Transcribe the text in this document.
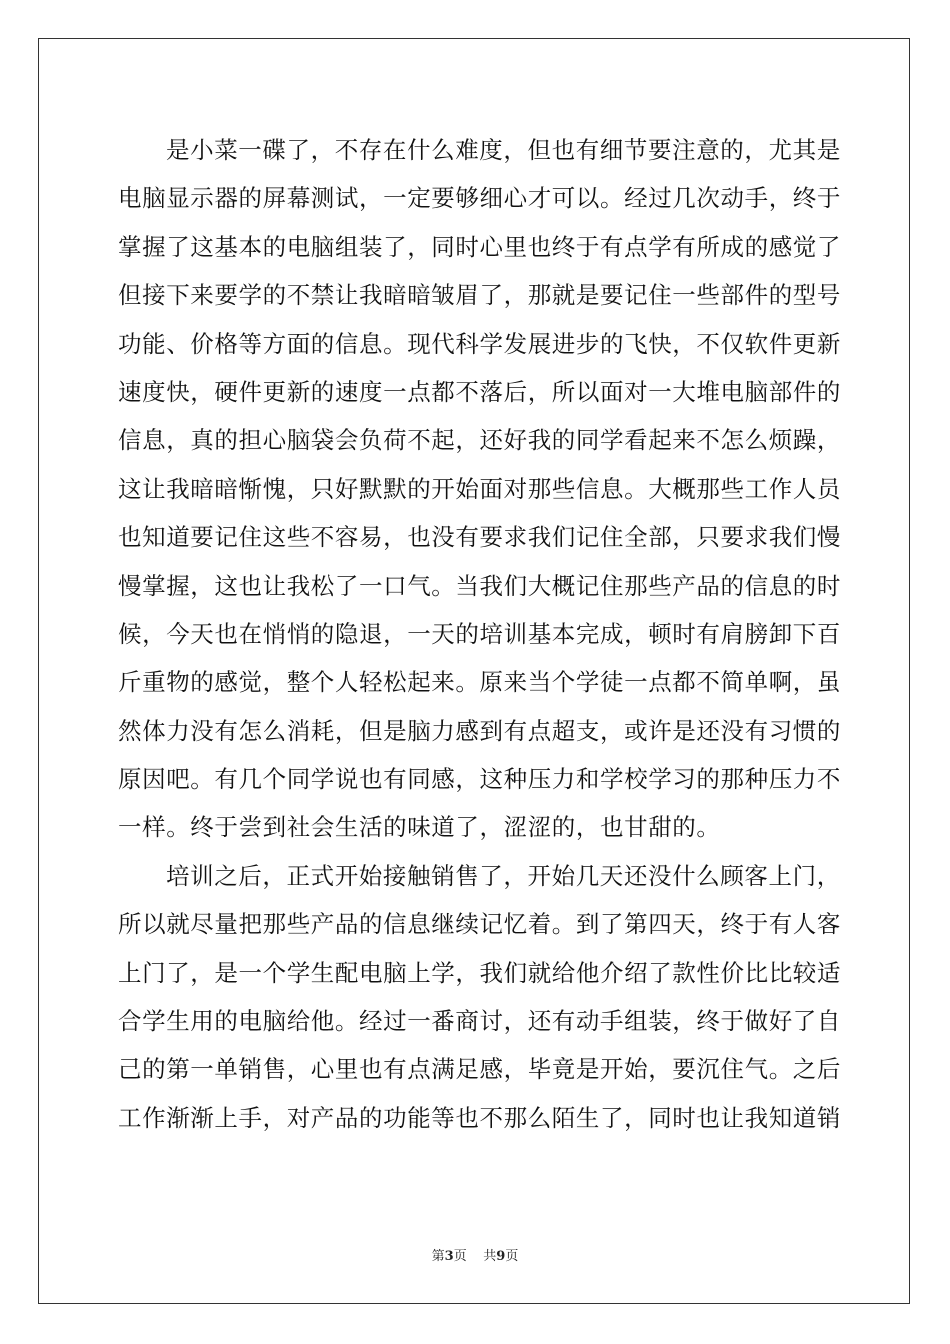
是小菜一碟了，不存在什么难度，但也有细节要注意的，尤其是
电脑显示器的屏幕测试，一定要够细心才可以。经过几次动手，终于
掌握了这基本的电脑组装了，同时心里也终于有点学有所成的感觉了
但接下来要学的不禁让我暗暗皱眉了，那就是要记住一些部件的型号
功能、价格等方面的信息。现代科学发展进步的飞快，不仅软件更新
速度快，硬件更新的速度一点都不落后，所以面对一大堆电脑部件的
信息，真的担心脑袋会负荷不起，还好我的同学看起来不怎么烦躁，
这让我暗暗惭愧，只好默默的开始面对那些信息。大概那些工作人员
也知道要记住这些不容易，也没有要求我们记住全部，只要求我们慢
慢掌握，这也让我松了一口气。当我们大概记住那些产品的信息的时
候，今天也在悄悄的隐退，一天的培训基本完成，顿时有肩膀卸下百
斤重物的感觉，整个人轻松起来。原来当个学徒一点都不简单啊，虽
然体力没有怎么消耗，但是脑力感到有点超支，或许是还没有习惯的
原因吧。有几个同学说也有同感，这种压力和学校学习的那种压力不
一样。终于尝到社会生活的味道了，涩涩的，也甘甜的。
培训之后，正式开始接触销售了，开始几天还没什么顾客上门，
所以就尽量把那些产品的信息继续记忆着。到了第四天，终于有人客
上门了，是一个学生配电脑上学，我们就给他介绍了款性价比比较适
合学生用的电脑给他。经过一番商讨，还有动手组装，终于做好了自
己的第一单销售，心里也有点满足感，毕竟是开始，要沉住气。之后
工作渐渐上手，对产品的功能等也不那么陌生了，同时也让我知道销
第3页 共9页
